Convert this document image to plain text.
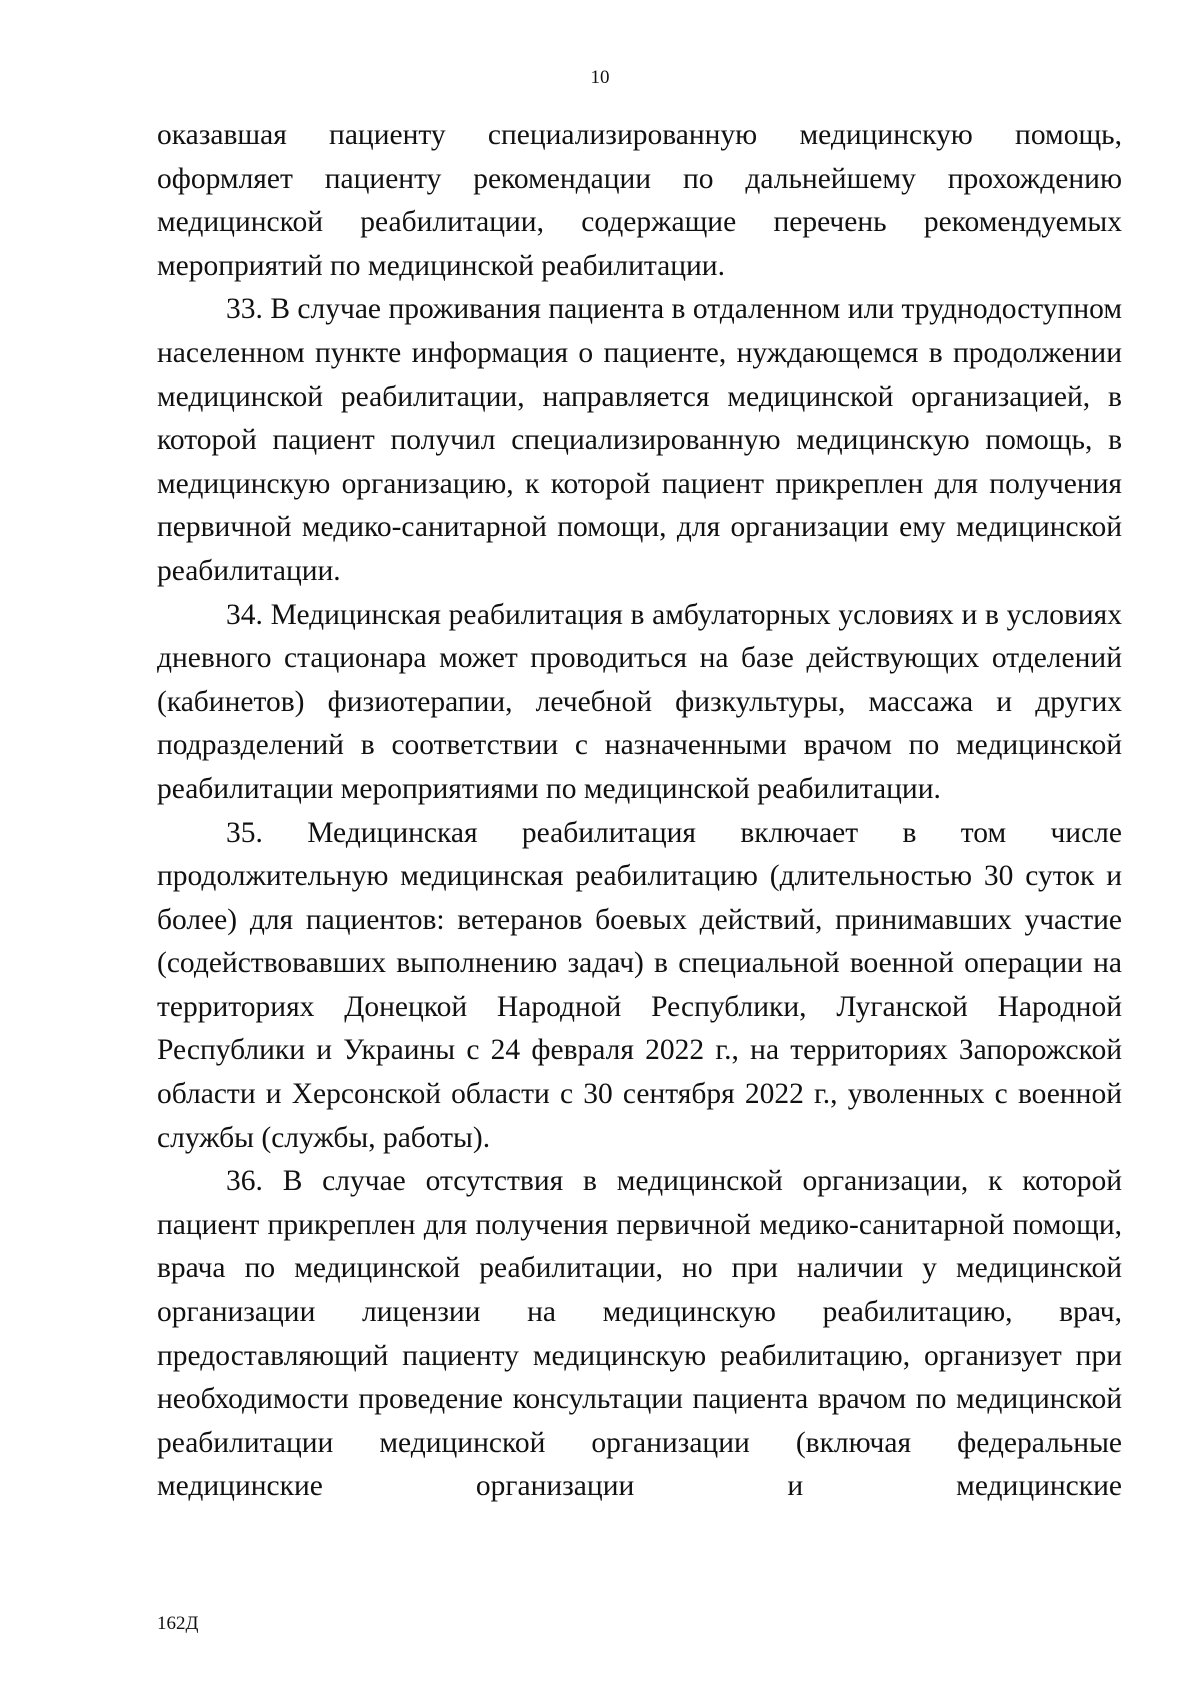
10

оказавшая пациенту специализированную медицинскую помощь, оформляет пациенту рекомендации по дальнейшему прохождению медицинской реабилитации, содержащие перечень рекомендуемых мероприятий по медицинской реабилитации.

33. В случае проживания пациента в отдаленном или труднодоступном населенном пункте информация о пациенте, нуждающемся в продолжении медицинской реабилитации, направляется медицинской организацией, в которой пациент получил специализированную медицинскую помощь, в медицинскую организацию, к которой пациент прикреплен для получения первичной медико-санитарной помощи, для организации ему медицинской реабилитации.

34. Медицинская реабилитация в амбулаторных условиях и в условиях дневного стационара может проводиться на базе действующих отделений (кабинетов) физиотерапии, лечебной физкультуры, массажа и других подразделений в соответствии с назначенными врачом по медицинской реабилитации мероприятиями по медицинской реабилитации.

35. Медицинская реабилитация включает в том числе продолжительную медицинская реабилитацию (длительностью 30 суток и более) для пациентов: ветеранов боевых действий, принимавших участие (содействовавших выполнению задач) в специальной военной операции на территориях Донецкой Народной Республики, Луганской Народной Республики и Украины с 24 февраля 2022 г., на территориях Запорожской области и Херсонской области с 30 сентября 2022 г., уволенных с военной службы (службы, работы).

36. В случае отсутствия в медицинской организации, к которой пациент прикреплен для получения первичной медико-санитарной помощи, врача по медицинской реабилитации, но при наличии у медицинской организации лицензии на медицинскую реабилитацию, врач, предоставляющий пациенту медицинскую реабилитацию, организует при необходимости проведение консультации пациента врачом по медицинской реабилитации медицинской организации (включая федеральные медицинские организации и медицинские

162Д
